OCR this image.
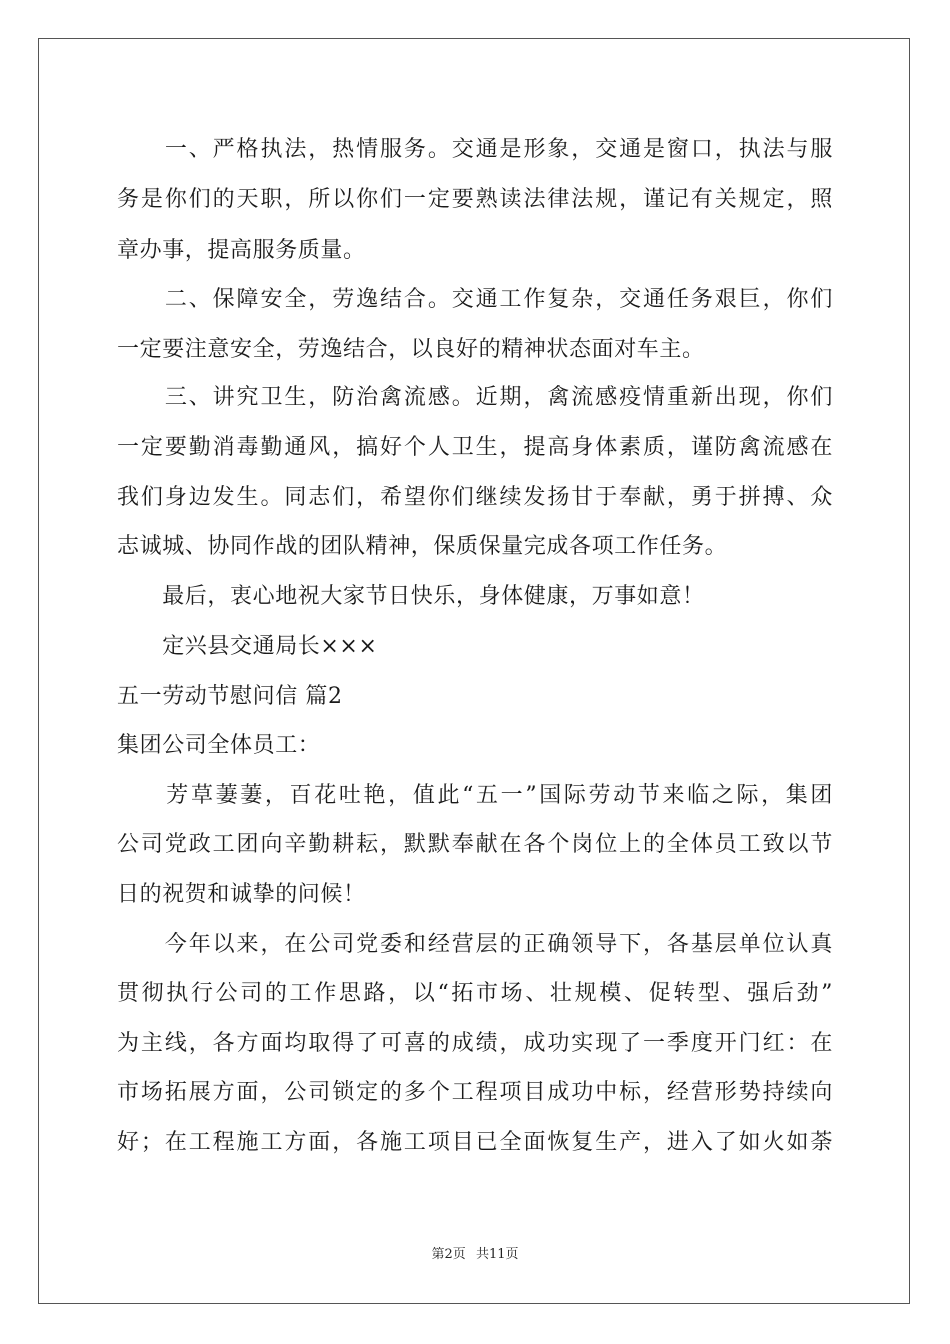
　　一、严格执法，热情服务。交通是形象，交通是窗口，执法与服
务是你们的天职，所以你们一定要熟读法律法规，谨记有关规定，照
章办事，提高服务质量。
　　二、保障安全，劳逸结合。交通工作复杂，交通任务艰巨，你们
一定要注意安全，劳逸结合，以良好的精神状态面对车主。
　　三、讲究卫生，防治禽流感。近期，禽流感疫情重新出现，你们
一定要勤消毒勤通风，搞好个人卫生，提高身体素质，谨防禽流感在
我们身边发生。同志们，希望你们继续发扬甘于奉献，勇于拼搏、众
志诚城、协同作战的团队精神，保质保量完成各项工作任务。
　　最后，衷心地祝大家节日快乐，身体健康，万事如意！
　　定兴县交通局长×××
五一劳动节慰问信 篇2
集团公司全体员工：
　　芳草萋萋，百花吐艳，值此“五一”国际劳动节来临之际，集团
公司党政工团向辛勤耕耘，默默奉献在各个岗位上的全体员工致以节
日的祝贺和诚挚的问候！
　　今年以来，在公司党委和经营层的正确领导下，各基层单位认真
贯彻执行公司的工作思路，以“拓市场、壮规模、促转型、强后劲”
为主线，各方面均取得了可喜的成绩，成功实现了一季度开门红：在
市场拓展方面，公司锁定的多个工程项目成功中标，经营形势持续向
好；在工程施工方面，各施工项目已全面恢复生产，进入了如火如荼
第2页 共11页
